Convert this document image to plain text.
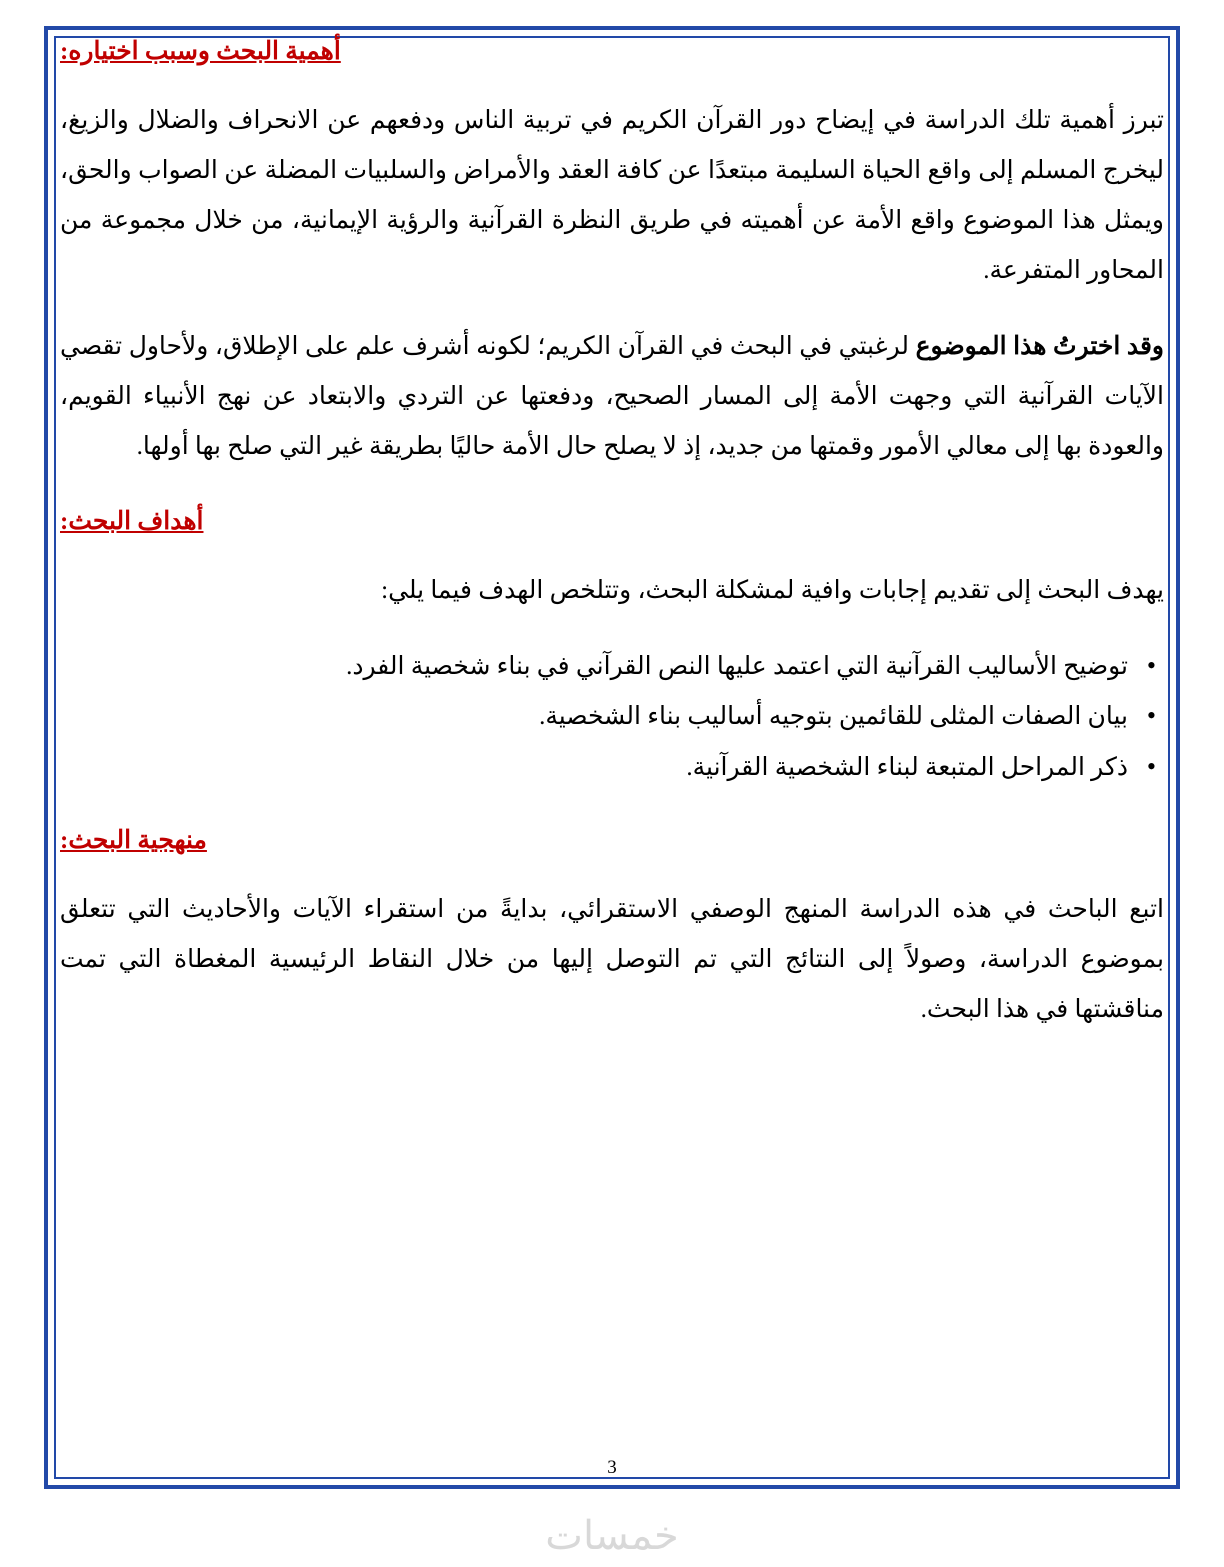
أهمية البحث وسبب اختياره:

تبرز أهمية تلك الدراسة في إيضاح دور القرآن الكريم في تربية الناس ودفعهم عن الانحراف والضلال والزيغ، ليخرج المسلم إلى واقع الحياة السليمة مبتعدًا عن كافة العقد والأمراض والسلبيات المضلة عن الصواب والحق، ويمثل هذا الموضوع واقع الأمة عن أهميته في طريق النظرة القرآنية والرؤية الإيمانية، من خلال مجموعة من المحاور المتفرعة.

وقد اخترتُ هذا الموضوع لرغبتي في البحث في القرآن الكريم؛ لكونه أشرف علم على الإطلاق، ولأحاول تقصي الآيات القرآنية التي وجهت الأمة إلى المسار الصحيح، ودفعتها عن التردي والابتعاد عن نهج الأنبياء القويم، والعودة بها إلى معالي الأمور وقمتها من جديد، إذ لا يصلح حال الأمة حاليًا بطريقة غير التي صلح بها أولها.

أهداف البحث:

يهدف البحث إلى تقديم إجابات وافية لمشكلة البحث، وتتلخص الهدف فيما يلي:

• توضيح الأساليب القرآنية التي اعتمد عليها النص القرآني في بناء شخصية الفرد.
• بيان الصفات المثلى للقائمين بتوجيه أساليب بناء الشخصية.
• ذكر المراحل المتبعة لبناء الشخصية القرآنية.
منهجية البحث:

اتبع الباحث في هذه الدراسة المنهج الوصفي الاستقرائي، بدايةً من استقراء الآيات والأحاديث التي تتعلق بموضوع الدراسة، وصولاً إلى النتائج التي تم التوصل إليها من خلال النقاط الرئيسية المغطاة التي تمت مناقشتها في هذا البحث.

3
خمسات
